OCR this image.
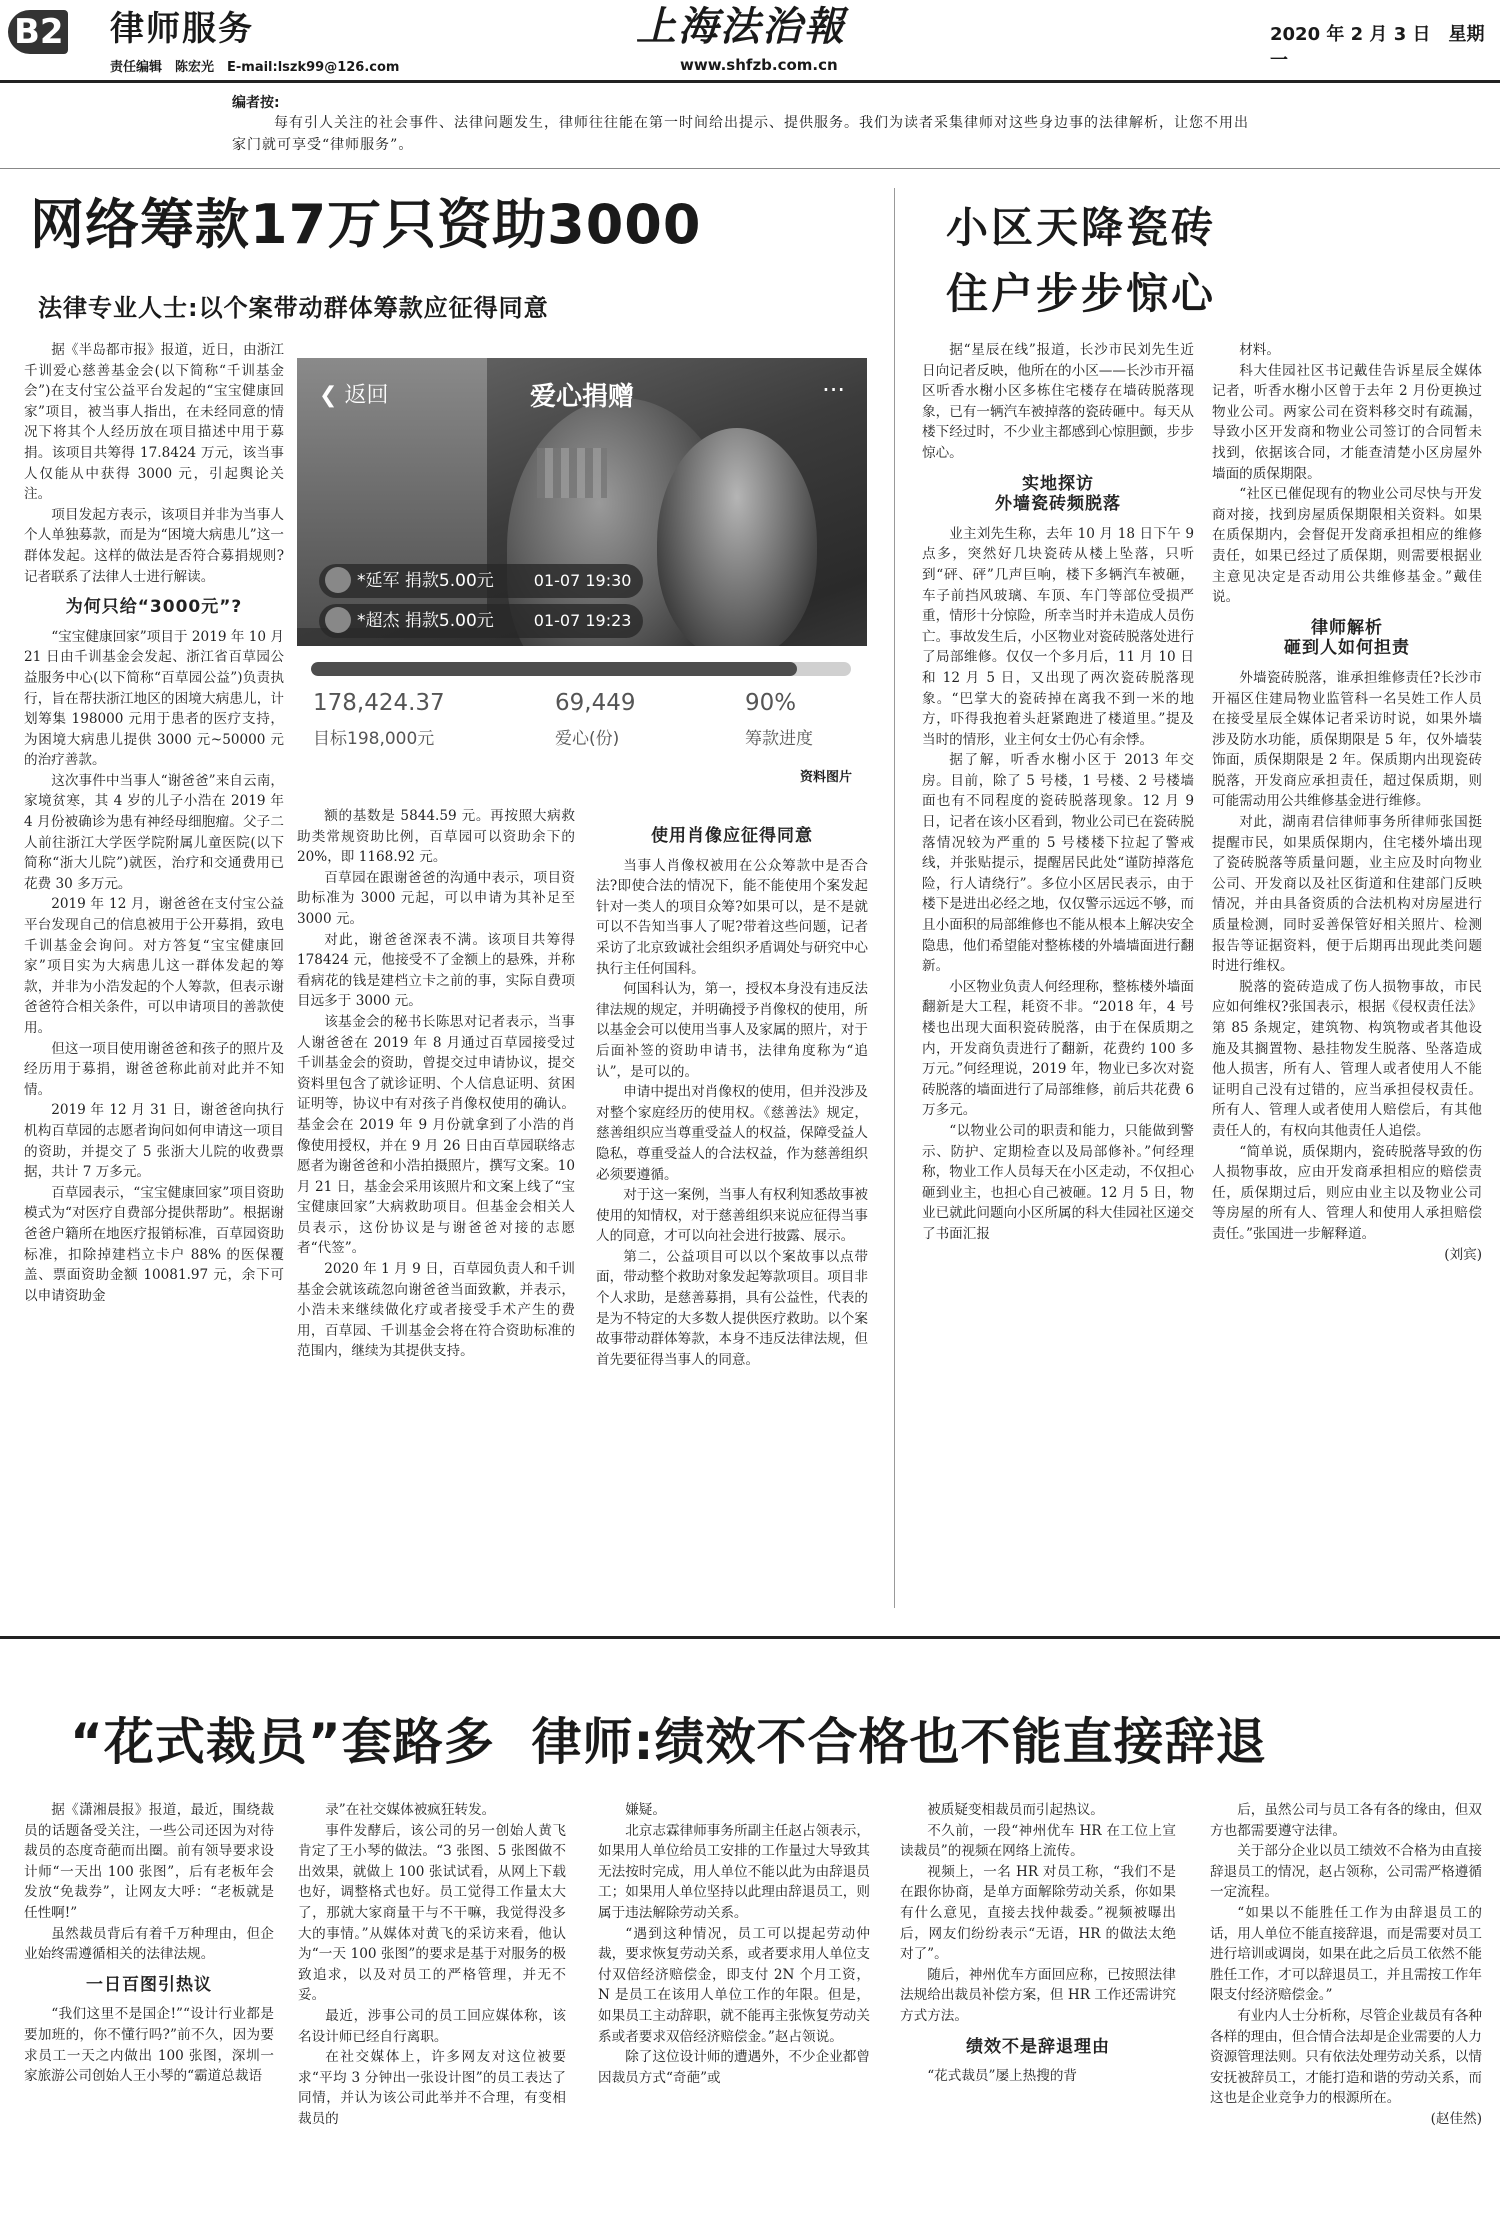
B2 律师服务
责任编辑　陈宏光　E-mail:lszk99@126.com
上海法治報
www.shfzb.com.cn
2020 年 2 月 3 日　星期一
编者按:
每有引人关注的社会事件、法律问题发生，律师往往能在第一时间给出提示、提供服务。我们为读者采集律师对这些身边事的法律解析，让您不用出家门就可享受“律师服务”。
网络筹款17万只资助3000
法律专业人士:以个案带动群体筹款应征得同意

据《半岛都市报》报道，近日，由浙江千训爱心慈善基金会(以下简称“千训基金会”)在支付宝公益平台发起的“宝宝健康回家”项目，被当事人指出，在未经同意的情况下将其个人经历放在项目描述中用于募捐。该项目共筹得 17.8424 万元，该当事人仅能从中获得 3000 元，引起舆论关注。

项目发起方表示，该项目并非为当事人个人单独募款，而是为“困境大病患儿”这一群体发起。这样的做法是否符合募捐规则?记者联系了法律人士进行解读。

为何只给“3000元”?

“宝宝健康回家”项目于 2019 年 10 月 21 日由千训基金会发起、浙江省百草园公益服务中心(以下简称“百草园公益”)负责执行，旨在帮扶浙江地区的困境大病患儿，计划筹集 198000 元用于患者的医疗支持，为困境大病患儿提供 3000 元~50000 元的治疗善款。

这次事件中当事人“谢爸爸”来自云南，家境贫寒，其 4 岁的儿子小浩在 2019 年 4 月份被确诊为患有神经母细胞瘤。父子二人前往浙江大学医学院附属儿童医院(以下简称“浙大儿院”)就医，治疗和交通费用已花费 30 多万元。

2019 年 12 月，谢爸爸在支付宝公益平台发现自己的信息被用于公开募捐，致电千训基金会询问。对方答复“宝宝健康回家”项目实为大病患儿这一群体发起的筹款，并非为小浩发起的个人筹款，但表示谢爸爸符合相关条件，可以申请项目的善款使用。

但这一项目使用谢爸爸和孩子的照片及经历用于募捐，谢爸爸称此前对此并不知情。

2019 年 12 月 31 日，谢爸爸向执行机构百草园的志愿者询问如何申请这一项目的资助，并提交了 5 张浙大儿院的收费票据，共计 7 万多元。

百草园表示，“宝宝健康回家”项目资助模式为“对医疗自费部分提供帮助”。根据谢爸爸户籍所在地医疗报销标准，百草园资助标准，扣除掉建档立卡户 88% 的医保覆盖、票面资助金额 10081.97 元，余下可以申请资助金

❮ 返回	爱心捐赠	···
*延军 捐款5.00元	01-07 19:30
*超杰 捐款5.00元	01-07 19:23
178,424.37
目标198,000元
69,449
爱心(份)
90%
筹款进度
资料图片

额的基数是 5844.59 元。再按照大病救助类常规资助比例，百草园可以资助余下的 20%，即 1168.92 元。

百草园在跟谢爸爸的沟通中表示，项目资助标准为 3000 元起，可以申请为其补足至 3000 元。

对此，谢爸爸深表不满。该项目共筹得 178424 元，他接受不了金额上的悬殊，并称看病花的钱是建档立卡之前的事，实际自费项目远多于 3000 元。

该基金会的秘书长陈思对记者表示，当事人谢爸爸在 2019 年 8 月通过百草园接受过千训基金会的资助，曾提交过申请协议，提交资料里包含了就诊证明、个人信息证明、贫困证明等，协议中有对孩子肖像权使用的确认。基金会在 2019 年 9 月份就拿到了小浩的肖像使用授权，并在 9 月 26 日由百草园联络志愿者为谢爸爸和小浩拍摄照片，撰写文案。10 月 21 日，基金会采用该照片和文案上线了“宝宝健康回家”大病救助项目。但基金会相关人员表示，这份协议是与谢爸爸对接的志愿者“代签”。

2020 年 1 月 9 日，百草园负责人和千训基金会就该疏忽向谢爸爸当面致歉，并表示，小浩未来继续做化疗或者接受手术产生的费用，百草园、千训基金会将在符合资助标准的范围内，继续为其提供支持。

使用肖像应征得同意

当事人肖像权被用在公众筹款中是否合法?即使合法的情况下，能不能使用个案发起针对一类人的项目众筹?如果可以，是不是就可以不告知当事人了呢?带着这些问题，记者采访了北京致诚社会组织矛盾调处与研究中心执行主任何国科。

何国科认为，第一，授权本身没有违反法律法规的规定，并明确授予肖像权的使用，所以基金会可以使用当事人及家属的照片，对于后面补签的资助申请书，法律角度称为“追认”，是可以的。

申请中提出对肖像权的使用，但并没涉及对整个家庭经历的使用权。《慈善法》规定，慈善组织应当尊重受益人的权益，保障受益人隐私，尊重受益人的合法权益，作为慈善组织必须要遵循。

对于这一案例，当事人有权利知悉故事被使用的知情权，对于慈善组织来说应征得当事人的同意，才可以向社会进行披露、展示。

第二，公益项目可以以个案故事以点带面，带动整个救助对象发起筹款项目。项目非个人求助，是慈善募捐，具有公益性，代表的是为不特定的大多数人提供医疗救助。以个案故事带动群体筹款，本身不违反法律法规，但首先要征得当事人的同意。

小区天降瓷砖
住户步步惊心

据“星辰在线”报道，长沙市民刘先生近日向记者反映，他所在的小区——长沙市开福区听香水榭小区多栋住宅楼存在墙砖脱落现象，已有一辆汽车被掉落的瓷砖砸中。每天从楼下经过时，不少业主都感到心惊胆颤，步步惊心。

实地探访
外墙瓷砖频脱落

业主刘先生称，去年 10 月 18 日下午 9 点多，突然好几块瓷砖从楼上坠落，只听到“砰、砰”几声巨响，楼下多辆汽车被砸，车子前挡风玻璃、车顶、车门等部位受损严重，情形十分惊险，所幸当时并未造成人员伤亡。事故发生后，小区物业对瓷砖脱落处进行了局部维修。仅仅一个多月后，11 月 10 日和 12 月 5 日，又出现了两次瓷砖脱落现象。“巴掌大的瓷砖掉在离我不到一米的地方，吓得我抱着头赶紧跑进了楼道里。”提及当时的情形，业主何女士仍心有余悸。

据了解，听香水榭小区于 2013 年交房。目前，除了 5 号楼，1 号楼、2 号楼墙面也有不同程度的瓷砖脱落现象。12 月 9 日，记者在该小区看到，物业公司已在瓷砖脱落情况较为严重的 5 号楼楼下拉起了警戒线，并张贴提示，提醒居民此处“谨防掉落危险，行人请绕行”。多位小区居民表示，由于楼下是进出必经之地，仅仅警示远远不够，而且小面积的局部维修也不能从根本上解决安全隐患，他们希望能对整栋楼的外墙墙面进行翻新。

小区物业负责人何经理称，整栋楼外墙面翻新是大工程，耗资不非。“2018 年，4 号楼也出现大面积瓷砖脱落，由于在保质期之内，开发商负责进行了翻新，花费约 100 多万元。”何经理说，2019 年，物业已多次对瓷砖脱落的墙面进行了局部维修，前后共花费 6 万多元。

“以物业公司的职责和能力，只能做到警示、防护、定期检查以及局部修补。”何经理称，物业工作人员每天在小区走动，不仅担心砸到业主，也担心自己被砸。12 月 5 日，物业已就此问题向小区所属的科大佳园社区递交了书面汇报

材料。

科大佳园社区书记戴佳告诉星辰全媒体记者，听香水榭小区曾于去年 2 月份更换过物业公司。两家公司在资料移交时有疏漏，导致小区开发商和物业公司签订的合同暂未找到，依据该合同，才能查清楚小区房屋外墙面的质保期限。

“社区已催促现有的物业公司尽快与开发商对接，找到房屋质保期限相关资料。如果在质保期内，会督促开发商承担相应的维修责任，如果已经过了质保期，则需要根据业主意见决定是否动用公共维修基金。”戴佳说。

律师解析
砸到人如何担责

外墙瓷砖脱落，谁承担维修责任?长沙市开福区住建局物业监管科一名吴姓工作人员在接受星辰全媒体记者采访时说，如果外墙涉及防水功能，质保期限是 5 年，仅外墙装饰面，质保期限是 2 年。保质期内出现瓷砖脱落，开发商应承担责任，超过保质期，则可能需动用公共维修基金进行维修。

对此，湖南君信律师事务所律师张国挺提醒市民，如果质保期内，住宅楼外墙出现了瓷砖脱落等质量问题，业主应及时向物业公司、开发商以及社区街道和住建部门反映情况，并由具备资质的合法机构对房屋进行质量检测，同时妥善保管好相关照片、检测报告等证据资料，便于后期再出现此类问题时进行维权。

脱落的瓷砖造成了伤人损物事故，市民应如何维权?张国表示，根据《侵权责任法》第 85 条规定，建筑物、构筑物或者其他设施及其搁置物、悬挂物发生脱落、坠落造成他人损害，所有人、管理人或者使用人不能证明自己没有过错的，应当承担侵权责任。所有人、管理人或者使用人赔偿后，有其他责任人的，有权向其他责任人追偿。

“简单说，质保期内，瓷砖脱落导致的伤人损物事故，应由开发商承担相应的赔偿责任，质保期过后，则应由业主以及物业公司等房屋的所有人、管理人和使用人承担赔偿责任。”张国进一步解释道。

(刘宾)

“花式裁员”套路多  律师:绩效不合格也不能直接辞退

据《潇湘晨报》报道，最近，围绕裁员的话题备受关注，一些公司还因为对待裁员的态度奇葩而出圈。前有领导要求设计师“一天出 100 张图”，后有老板年会发放“免裁券”，让网友大呼：“老板就是任性啊!”

虽然裁员背后有着千万种理由，但企业始终需遵循相关的法律法规。

一日百图引热议

“我们这里不是国企!”“设计行业都是要加班的，你不懂行吗?”前不久，因为要求员工一天之内做出 100 张图，深圳一家旅游公司创始人王小琴的“霸道总裁语

录”在社交媒体被疯狂转发。

事件发酵后，该公司的另一创始人黄飞肯定了王小琴的做法。“3 张图、5 张图做不出效果，就做上 100 张试试看，从网上下载也好，调整格式也好。员工觉得工作量太大了，那就大家商量干与不干嘛，我觉得没多大的事情。”从媒体对黄飞的采访来看，他认为“一天 100 张图”的要求是基于对服务的极致追求，以及对员工的严格管理，并无不妥。

最近，涉事公司的员工回应媒体称，该名设计师已经自行离职。

在社交媒体上，许多网友对这位被要求“平均 3 分钟出一张设计图”的员工表达了同情，并认为该公司此举并不合理，有变相裁员的

嫌疑。

北京志霖律师事务所副主任赵占领表示，如果用人单位给员工安排的工作量过大导致其无法按时完成，用人单位不能以此为由辞退员工；如果用人单位坚持以此理由辞退员工，则属于违法解除劳动关系。

“遇到这种情况，员工可以提起劳动仲裁，要求恢复劳动关系，或者要求用人单位支付双倍经济赔偿金，即支付 2N 个月工资，N 是员工在该用人单位工作的年限。但是，如果员工主动辞职，就不能再主张恢复劳动关系或者要求双倍经济赔偿金。”赵占领说。

除了这位设计师的遭遇外，不少企业都曾因裁员方式“奇葩”或

被质疑变相裁员而引起热议。

不久前，一段“神州优车 HR 在工位上宣读裁员”的视频在网络上流传。

视频上，一名 HR 对员工称，“我们不是在跟你协商，是单方面解除劳动关系，你如果有什么意见，直接去找仲裁委。”视频被曝出后，网友们纷纷表示“无语，HR 的做法太绝对了”。

随后，神州优车方面回应称，已按照法律法规给出裁员补偿方案，但 HR 工作还需讲究方式方法。

绩效不是辞退理由

“花式裁员”屡上热搜的背

后，虽然公司与员工各有各的缘由，但双方也都需要遵守法律。

关于部分企业以员工绩效不合格为由直接辞退员工的情况，赵占领称，公司需严格遵循一定流程。

“如果以不能胜任工作为由辞退员工的话，用人单位不能直接辞退，而是需要对员工进行培训或调岗，如果在此之后员工依然不能胜任工作，才可以辞退员工，并且需按工作年限支付经济赔偿金。”

有业内人士分析称，尽管企业裁员有各种各样的理由，但合情合法却是企业需要的人力资源管理法则。只有依法处理劳动关系，以情安抚被辞员工，才能打造和谐的劳动关系，而这也是企业竞争力的根源所在。

(赵佳然)
